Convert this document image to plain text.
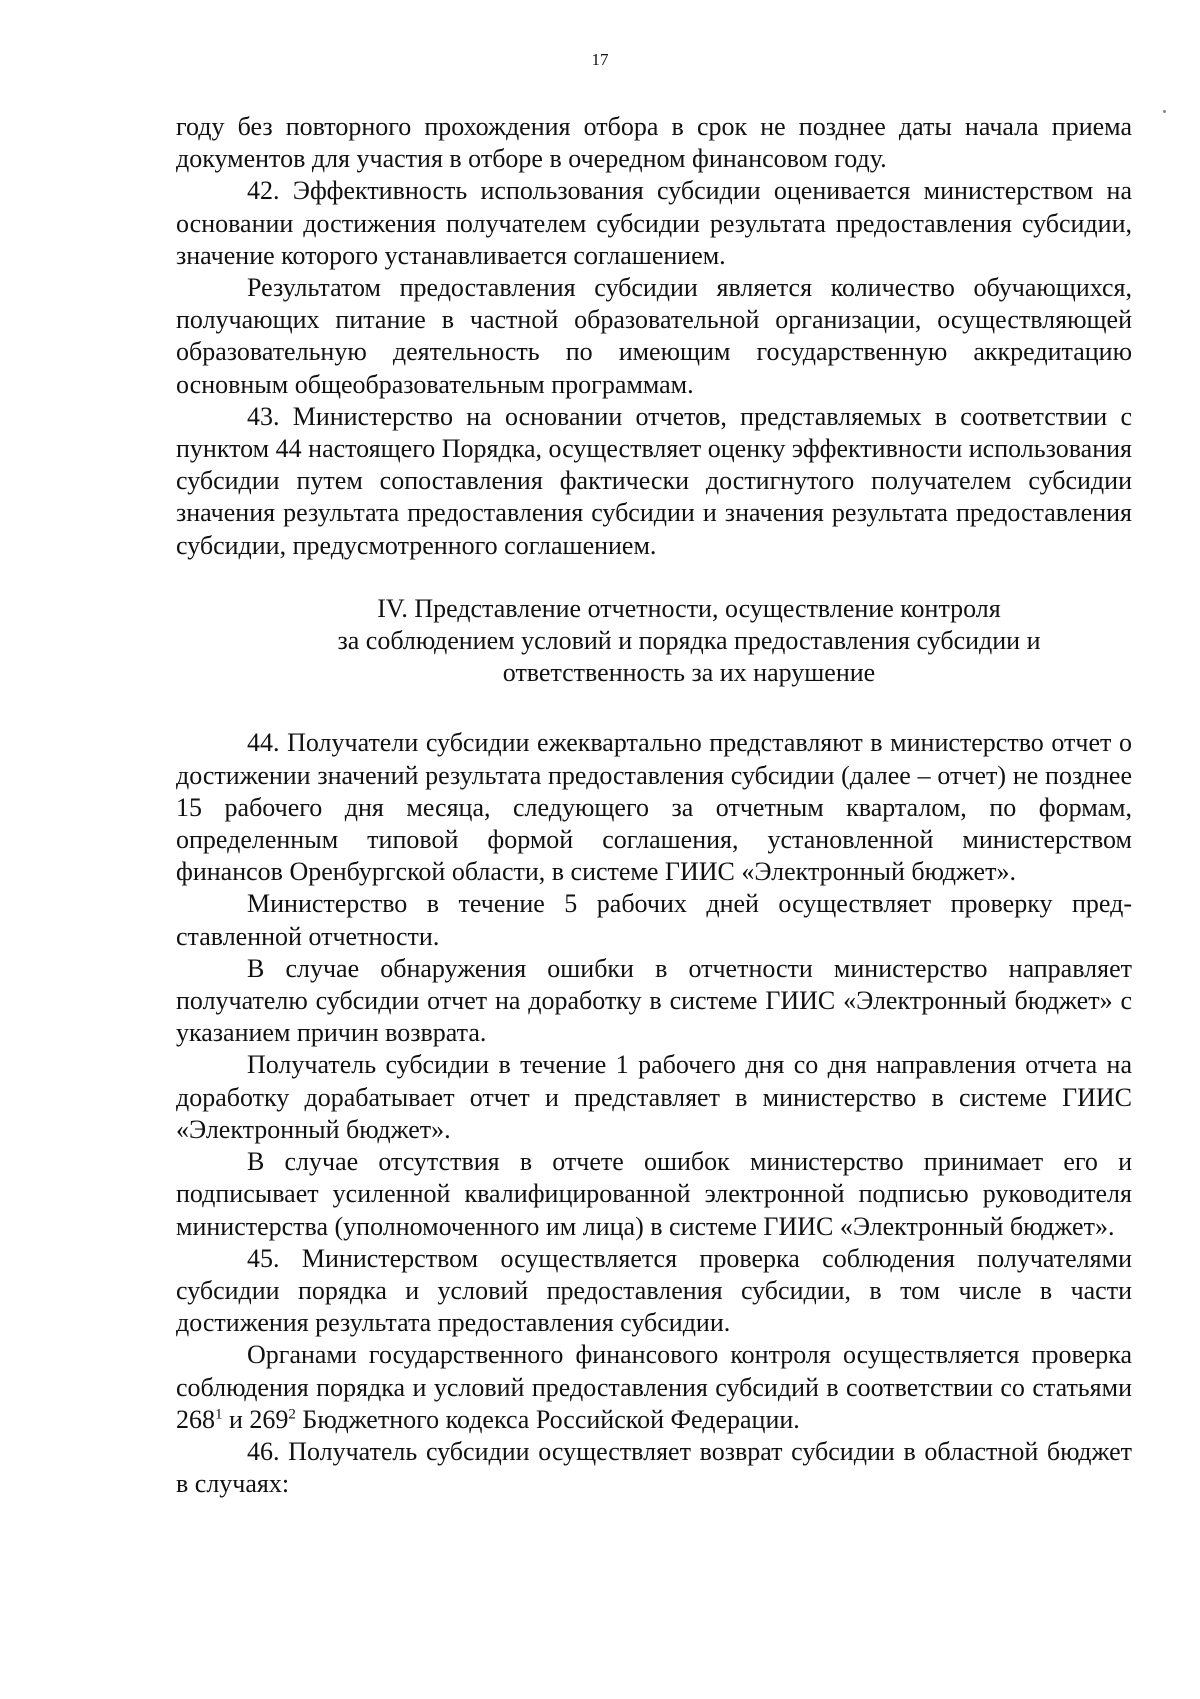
17

году без повторного прохождения отбора в срок не позднее даты начала приема документов для участия в отборе в очередном финансовом году.

42. Эффективность использования субсидии оценивается министерством на основании достижения получателем субсидии результата предоставления субсидии, значение которого устанавливается соглашением.

Результатом предоставления субсидии является количество обучающихся, получающих питание в частной образовательной организации, осуществляющей образовательную деятельность по имеющим государственную аккредитацию основным общеобразовательным программам.

43. Министерство на основании отчетов, представляемых в соответствии с пунктом 44 настоящего Порядка, осуществляет оценку эффективности использования субсидии путем сопоставления фактически достигнутого получателем субсидии значения результата предоставления субсидии и значения результата предоставления субсидии, предусмотренного соглашением.

IV. Представление отчетности, осуществление контроля
за соблюдением условий и порядка предоставления субсидии и
ответственность за их нарушение

44. Получатели субсидии ежеквартально представляют в министерство отчет о достижении значений результата предоставления субсидии (далее – отчет) не позднее 15 рабочего дня месяца, следующего за отчетным кварталом, по формам, определенным типовой формой соглашения, установленной министерством финансов Оренбургской области, в системе ГИИС «Электронный бюджет».

Министерство в течение 5 рабочих дней осуществляет проверку представленной отчетности.

В случае обнаружения ошибки в отчетности министерство направляет получателю субсидии отчет на доработку в системе ГИИС «Электронный бюджет» с указанием причин возврата.

Получатель субсидии в течение 1 рабочего дня со дня направления отчета на доработку дорабатывает отчет и представляет в министерство в системе ГИИС «Электронный бюджет».

В случае отсутствия в отчете ошибок министерство принимает его и подписывает усиленной квалифицированной электронной подписью руководителя министерства (уполномоченного им лица) в системе ГИИС «Электронный бюджет».

45. Министерством осуществляется проверка соблюдения получателями субсидии порядка и условий предоставления субсидии, в том числе в части достижения результата предоставления субсидии.

Органами государственного финансового контроля осуществляется проверка соблюдения порядка и условий предоставления субсидий в соответствии со статьями $268^1$ и $269^2$ Бюджетного кодекса Российской Федерации.

46. Получатель субсидии осуществляет возврат субсидии в областной бюджет в случаях:
